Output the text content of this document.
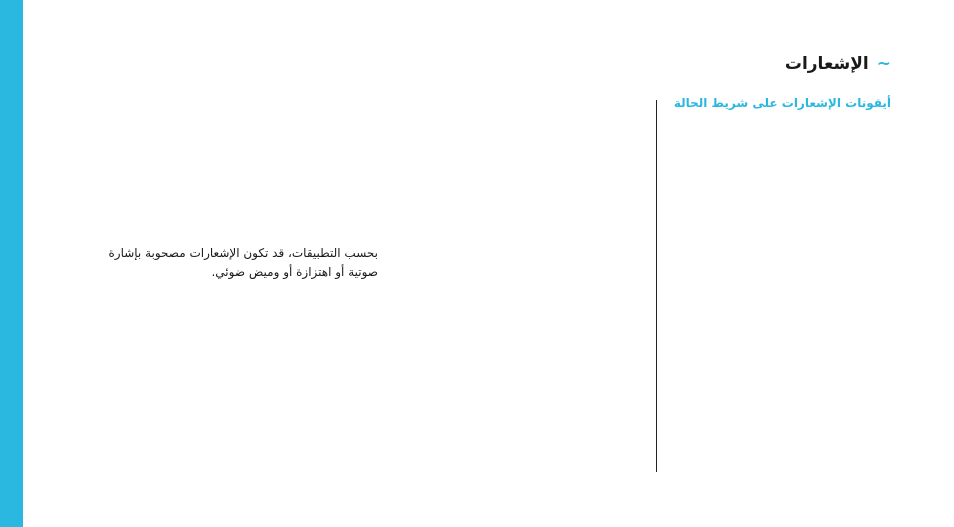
~
الإشعارات
أيقونات الإشعارات على شريط الحالة
بحسب التطبيقات، قد تكون الإشعارات مصحوبة بإشارة صوتية أو اهتزازة أو وميض ضوئي.
